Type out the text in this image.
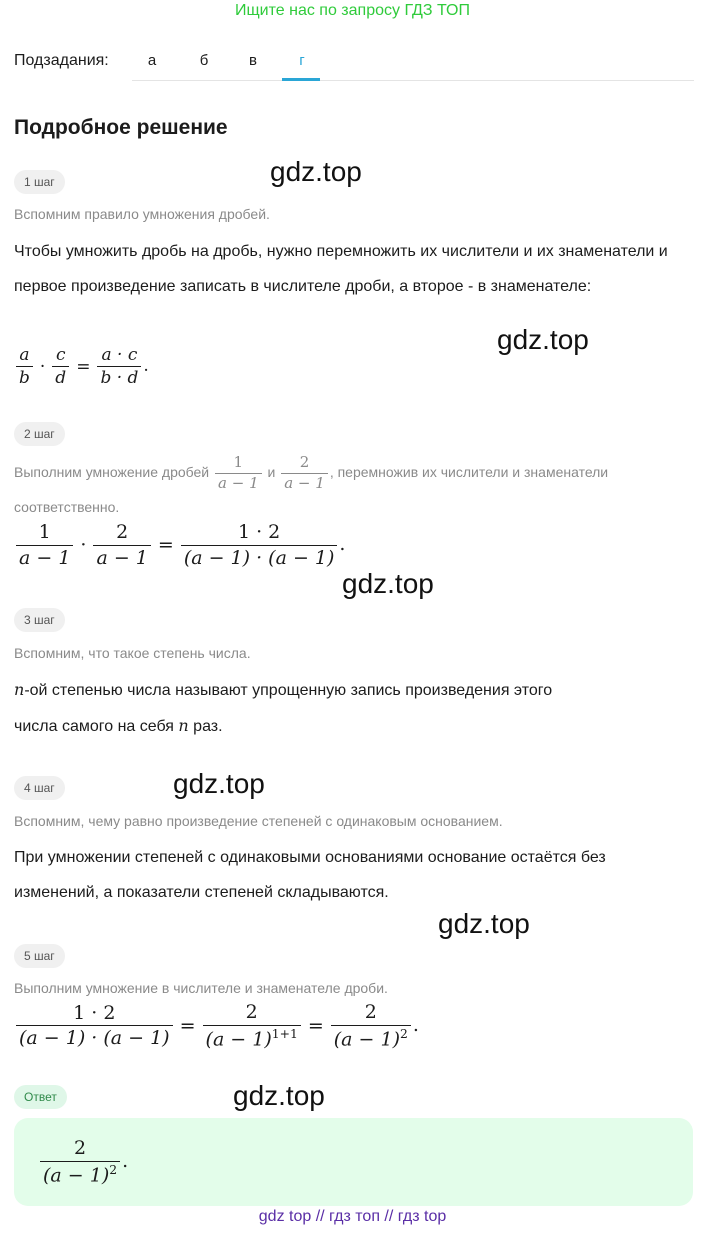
Ищите нас по запросу ГДЗ ТОП
Подзадания:	а	б	в	г
Подробное решение
1 шаг	gdz.top
Вспомним правило умножения дробей.
Чтобы умножить дробь на дробь, нужно перемножить их числители и их знаменатели и первое произведение записать в числителе дроби, а второе - в знаменателе:
gdz.top
$\frac{a}{b} \cdot \frac{c}{d} = \frac{a \cdot c}{b \cdot d}$ .
2 шаг
Выполним умножение дробей $\frac{1}{a - 1}$ и $\frac{2}{a - 1}$ , перемножив их числители и знаменатели
соответственно.
$\frac{1}{a - 1} \cdot \frac{2}{a - 1} = \frac{1 \cdot 2}{(a - 1) \cdot (a - 1)}$ .
gdz.top
3 шаг
Вспомним, что такое степень числа.
n-ой степенью числа называют упрощенную запись произведения этого
числа самого на себя n раз.
4 шаг	gdz.top
Вспомним, чему равно произведение степеней с одинаковым основанием.
При умножении степеней с одинаковыми основаниями основание остаётся без изменений, а показатели степеней складываются.
gdz.top
5 шаг
Выполним умножение в числителе и знаменателе дроби.
$\frac{1 \cdot 2}{(a - 1) \cdot (a - 1)} = \frac{2}{(a - 1)^{1+1}} = \frac{2}{(a - 1)^2}$ .
Ответ	gdz.top
$\frac{2}{(a - 1)^2}$ .
gdz top // гдз топ // гдз top
